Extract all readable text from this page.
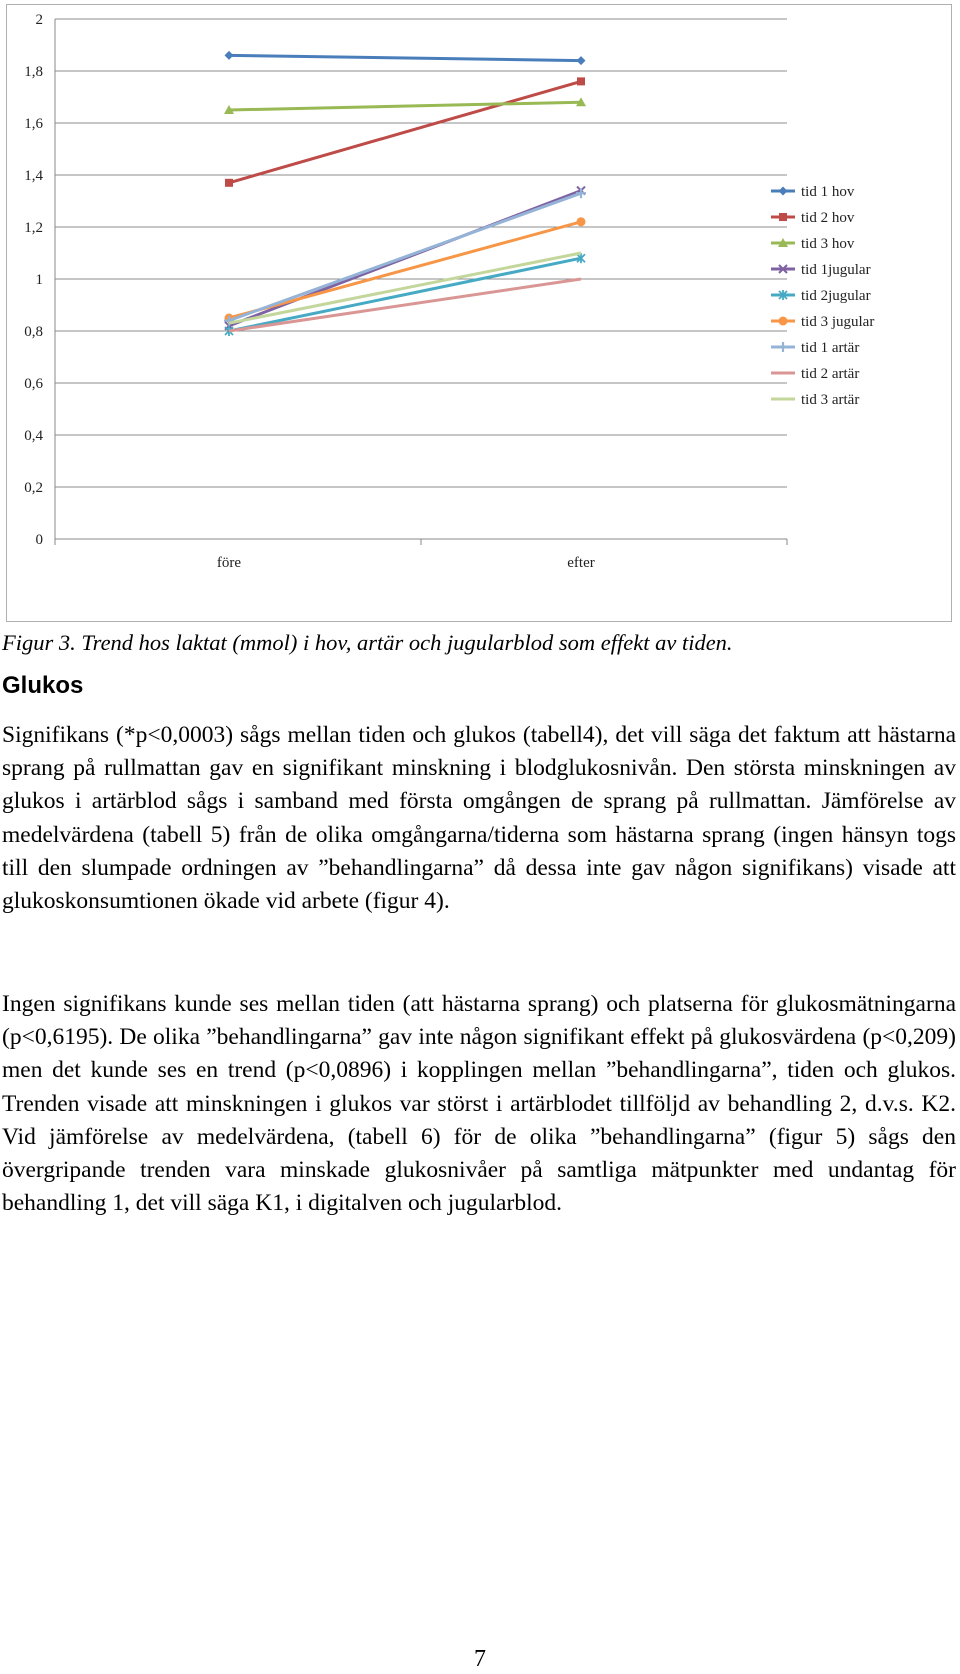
0
0,2
0,4
0,6
0,8
1
1,2
1,4
1,6
1,8
2
före	efter
tid 1 hov
tid 2 hov
tid 3 hov
tid 1jugular
tid 2jugular
tid 3 jugular
tid 1 artär
tid 2 artär
tid 3 artär
Figur 3. Trend hos laktat (mmol) i hov, artär och jugularblod som effekt av tiden.
Glukos
Signifikans (*p<0,0003) sågs mellan tiden och glukos (tabell4), det vill säga det faktum att hästarna sprang på rullmattan gav en signifikant minskning i blodglukosnivån. Den största minskningen av glukos i artärblod sågs i samband med första omgången de sprang på rullmattan. Jämförelse av medelvärdena (tabell 5) från de olika omgångarna/tiderna som hästarna sprang (ingen hänsyn togs till den slumpade ordningen av ”behandlingarna” då dessa inte gav någon signifikans) visade att glukoskonsumtionen ökade vid arbete (figur 4).
Ingen signifikans kunde ses mellan tiden (att hästarna sprang) och platserna för glukosmätningarna (p<0,6195). De olika ”behandlingarna” gav inte någon signifikant effekt på glukosvärdena (p<0,209) men det kunde ses en trend (p<0,0896) i kopplingen mellan ”behandlingarna”, tiden och glukos. Trenden visade att minskningen i glukos var störst i artärblodet tillföljd av behandling 2, d.v.s. K2. Vid jämförelse av medelvärdena, (tabell 6) för de olika ”behandlingarna” (figur 5) sågs den övergripande trenden vara minskade glukosnivåer på samtliga mätpunkter med undantag för behandling 1, det vill säga K1, i digitalven och jugularblod.
7
